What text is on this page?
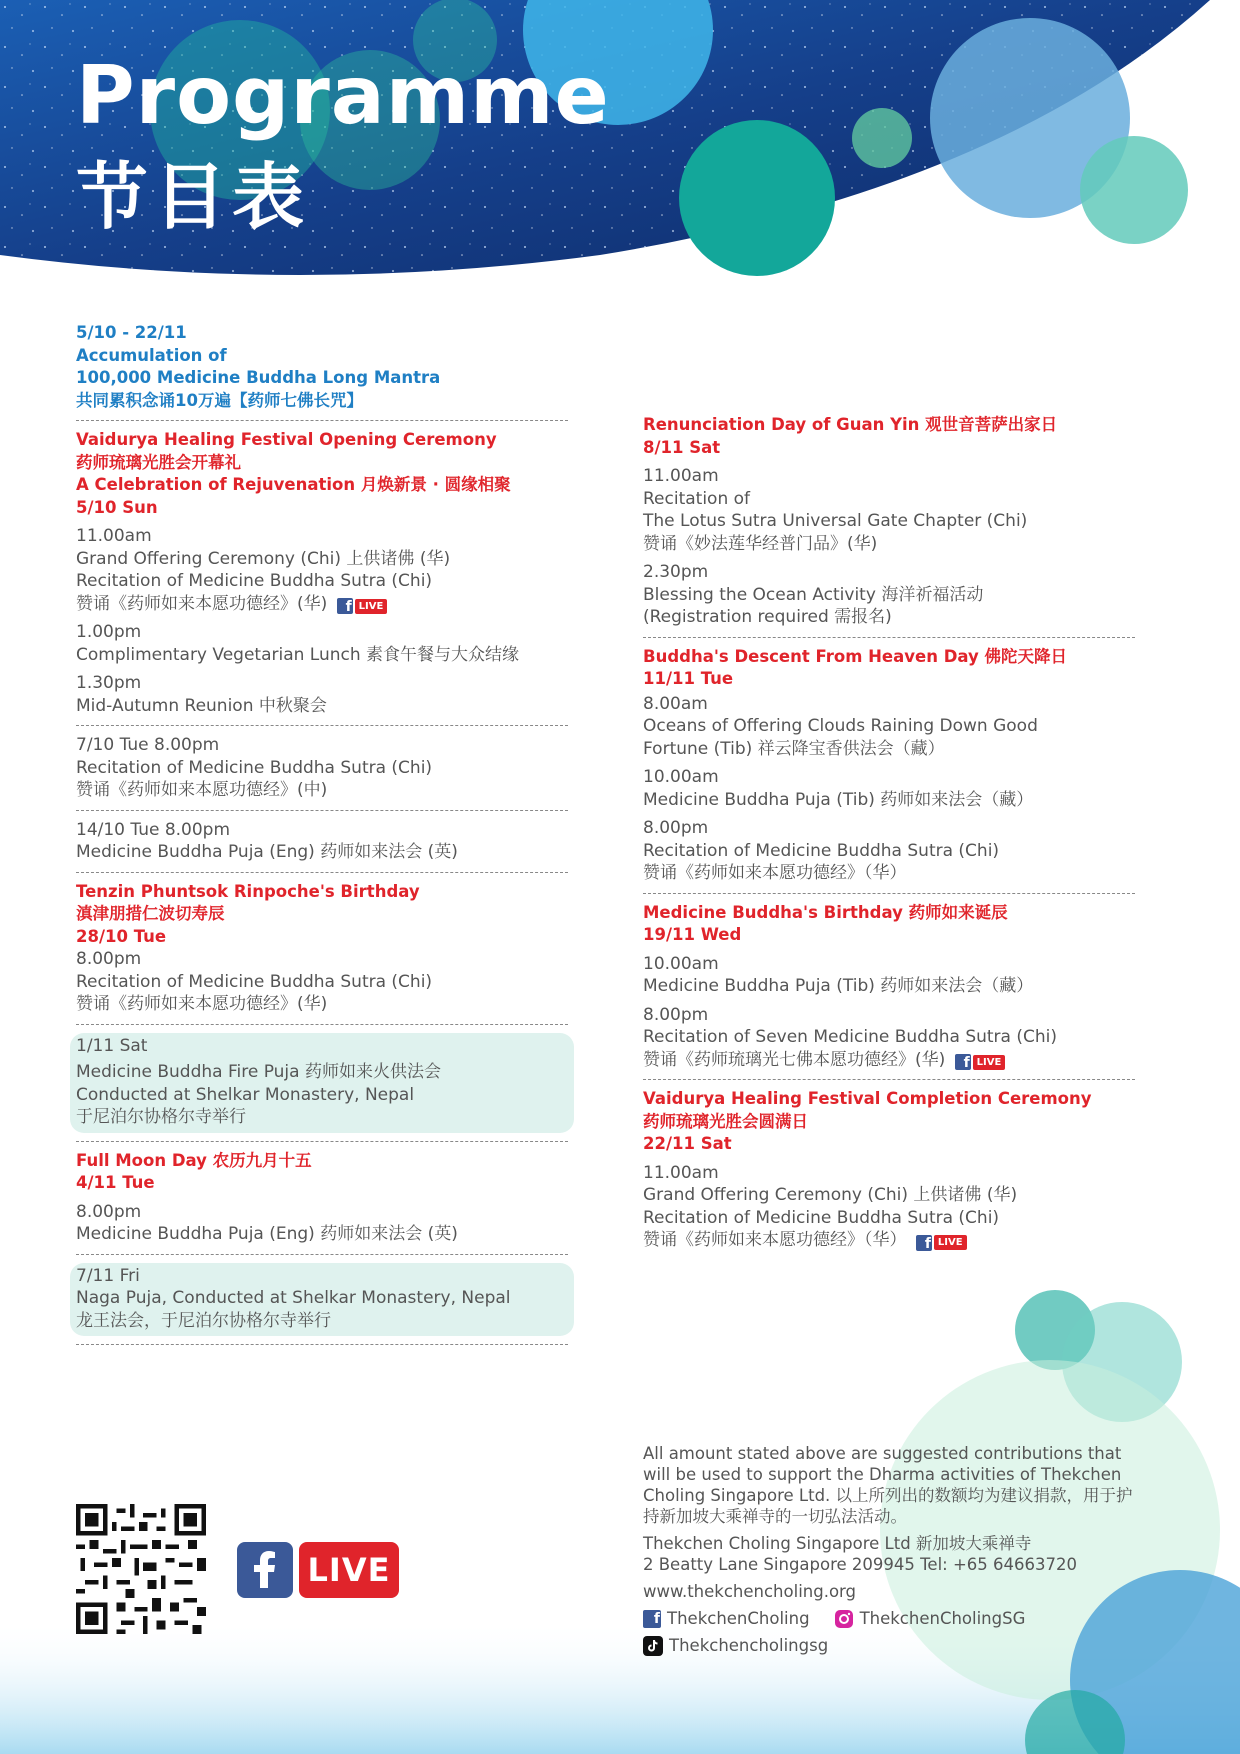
Programme
节目表
5/10 - 22/11
Accumulation of
100,000 Medicine Buddha Long Mantra
共同累积念诵10万遍【药师七佛长咒】
Vaidurya Healing Festival Opening Ceremony
药师琉璃光胜会开幕礼
A Celebration of Rejuvenation 月焕新景 · 圆缘相聚
5/10 Sun
11.00am
Grand Offering Ceremony (Chi) 上供诸佛 (华)
Recitation of Medicine Buddha Sutra (Chi)
赞诵《药师如来本愿功德经》(华) f LIVE
1.00pm
Complimentary Vegetarian Lunch 素食午餐与大众结缘
1.30pm
Mid-Autumn Reunion 中秋聚会
7/10 Tue 8.00pm
Recitation of Medicine Buddha Sutra (Chi)
赞诵《药师如来本愿功德经》(中)
14/10 Tue 8.00pm
Medicine Buddha Puja (Eng) 药师如来法会 (英)
Tenzin Phuntsok Rinpoche's Birthday
滇津朋措仁波切寿辰
28/10 Tue
8.00pm
Recitation of Medicine Buddha Sutra (Chi)
赞诵《药师如来本愿功德经》(华)
1/11 Sat
Medicine Buddha Fire Puja 药师如来火供法会
Conducted at Shelkar Monastery, Nepal
于尼泊尔协格尔寺举行
Full Moon Day 农历九月十五
4/11 Tue
8.00pm
Medicine Buddha Puja (Eng) 药师如来法会 (英)
7/11 Fri
Naga Puja, Conducted at Shelkar Monastery, Nepal
龙王法会，于尼泊尔协格尔寺举行
Renunciation Day of Guan Yin 观世音菩萨出家日
8/11 Sat
11.00am
Recitation of
The Lotus Sutra Universal Gate Chapter (Chi)
赞诵《妙法莲华经普门品》(华)
2.30pm
Blessing the Ocean Activity 海洋祈福活动
(Registration required 需报名)
Buddha's Descent From Heaven Day 佛陀天降日
11/11 Tue
8.00am
Oceans of Offering Clouds Raining Down Good
Fortune (Tib) 祥云降宝香供法会（藏）
10.00am
Medicine Buddha Puja (Tib) 药师如来法会（藏）
8.00pm
Recitation of Medicine Buddha Sutra (Chi)
赞诵《药师如来本愿功德经》（华）
Medicine Buddha's Birthday 药师如来诞辰
19/11 Wed
10.00am
Medicine Buddha Puja (Tib) 药师如来法会（藏）
8.00pm
Recitation of Seven Medicine Buddha Sutra (Chi)
赞诵《药师琉璃光七佛本愿功德经》(华) f LIVE
Vaidurya Healing Festival Completion Ceremony
药师琉璃光胜会圆满日
22/11 Sat
11.00am
Grand Offering Ceremony (Chi) 上供诸佛 (华)
Recitation of Medicine Buddha Sutra (Chi)
赞诵《药师如来本愿功德经》（华） f LIVE
LIVE

All amount stated above are suggested contributions that will be used to support the Dharma activities of Thekchen Choling Singapore Ltd. 以上所列出的数额均为建议捐款，用于护持新加坡大乘禅寺的一切弘法活动。

Thekchen Choling Singapore Ltd 新加坡大乘禅寺

2 Beatty Lane Singapore 209945 Tel: +65 64663720

www.thekchencholing.org

f ThekchenCholing	ThekchenCholingSG
Thekchencholingsg
